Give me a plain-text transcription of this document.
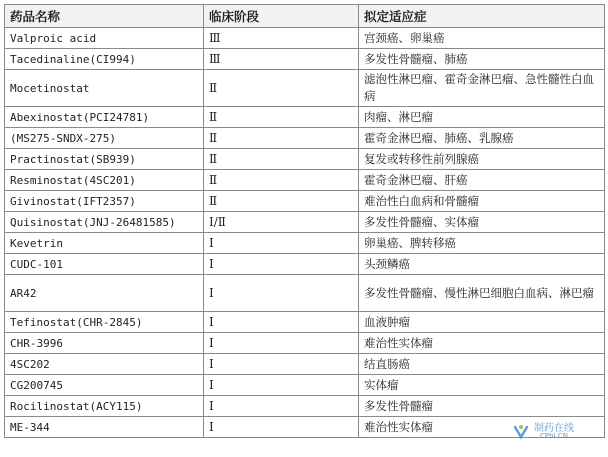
药品名称	临床阶段	拟定适应症
Valproic acid	Ⅲ	宫颈癌、卵巢癌
Tacedinaline(CI994)	Ⅲ	多发性骨髓瘤、肺癌
Mocetinostat	Ⅱ	滤泡性淋巴瘤、霍奇金淋巴瘤、急性髓性白血病
Abexinostat(PCI24781)	Ⅱ	肉瘤、淋巴瘤
(MS275-SNDX-275)	Ⅱ	霍奇金淋巴瘤、肺癌、乳腺癌
Practinostat(SB939)	Ⅱ	复发或转移性前列腺癌
Resminostat(4SC201)	Ⅱ	霍奇金淋巴瘤、肝癌
Givinostat(IFT2357)	Ⅱ	难治性白血病和骨髓瘤
Quisinostat(JNJ-26481585)	Ⅰ/Ⅱ	多发性骨髓瘤、实体瘤
Kevetrin	Ⅰ	卵巢癌、脾转移癌
CUDC-101	Ⅰ	头颈鳞癌
AR42	Ⅰ	多发性骨髓瘤、慢性淋巴细胞白血病、淋巴瘤
Tefinostat(CHR-2845)	Ⅰ	血液肿瘤
CHR-3996	Ⅰ	难治性实体瘤
4SC202	Ⅰ	结直肠癌
CG200745	Ⅰ	实体瘤
Rocilinostat(ACY115)	Ⅰ	多发性骨髓瘤
ME-344	Ⅰ	难治性实体瘤	制药在线
CPhI.CN
